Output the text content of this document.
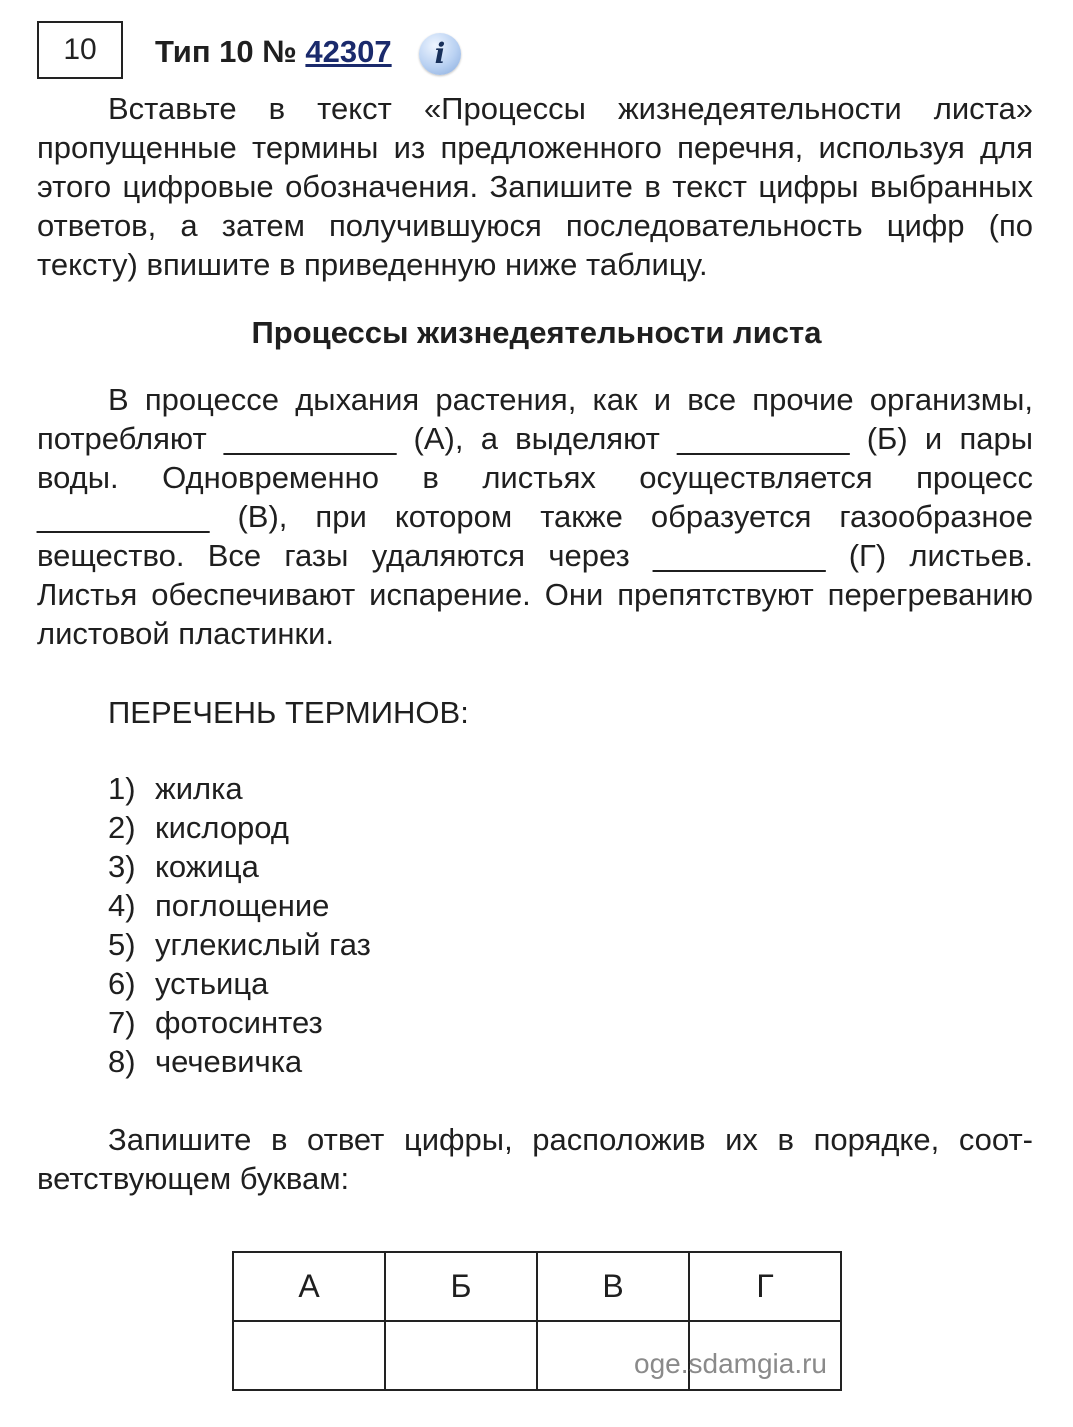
10	Тип 10 № 42307	i

Вставьте в текст «Процессы жизнедеятельности листа» пропущенные термины из предложенного перечня, используя для этого цифровые обозначения. Запишите в текст цифры выбранных ответов, а затем получившуюся последовательность цифр (по тексту) впишите в приведенную ниже таблицу.

Процессы жизнедеятельности листа

В процессе дыхания растения, как и все прочие организмы, потребляют __________ (А), а выделяют __________ (Б) и пары воды. Одновременно в листьях осуществляется процесс __________ (В), при котором также образуется газообразное вещество. Все газы удаляются через __________ (Г) листьев. Листья обеспечивают испарение. Они препятствуют перегреванию листовой пластинки.

ПЕРЕЧЕНЬ ТЕРМИНОВ:

1) жилка
2) кислород
3) кожица
4) поглощение
5) углекислый газ
6) устьица
7) фотосинтез
8) чечевичка

Запишите в ответ цифры, расположив их в порядке, соответствующем буквам:

А	Б	В	Г

oge.sdamgia.ru
